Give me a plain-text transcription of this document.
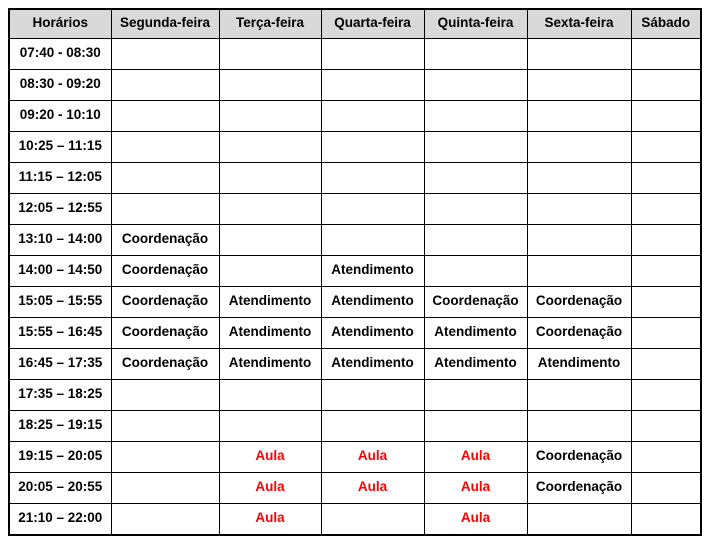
Horários	Segunda-feira	Terça-feira	Quarta-feira	Quinta-feira	Sexta-feira	Sábado
07:40 - 08:30						
08:30 - 09:20						
09:20 - 10:10						
10:25 – 11:15						
11:15 – 12:05						
12:05 – 12:55						
13:10 – 14:00	Coordenação					
14:00 – 14:50	Coordenação		Atendimento			
15:05 – 15:55	Coordenação	Atendimento	Atendimento	Coordenação	Coordenação	
15:55 – 16:45	Coordenação	Atendimento	Atendimento	Atendimento	Coordenação	
16:45 – 17:35	Coordenação	Atendimento	Atendimento	Atendimento	Atendimento	
17:35 – 18:25						
18:25 – 19:15						
19:15 – 20:05		Aula	Aula	Aula	Coordenação	
20:05 – 20:55		Aula	Aula	Aula	Coordenação	
21:10 – 22:00		Aula		Aula		
